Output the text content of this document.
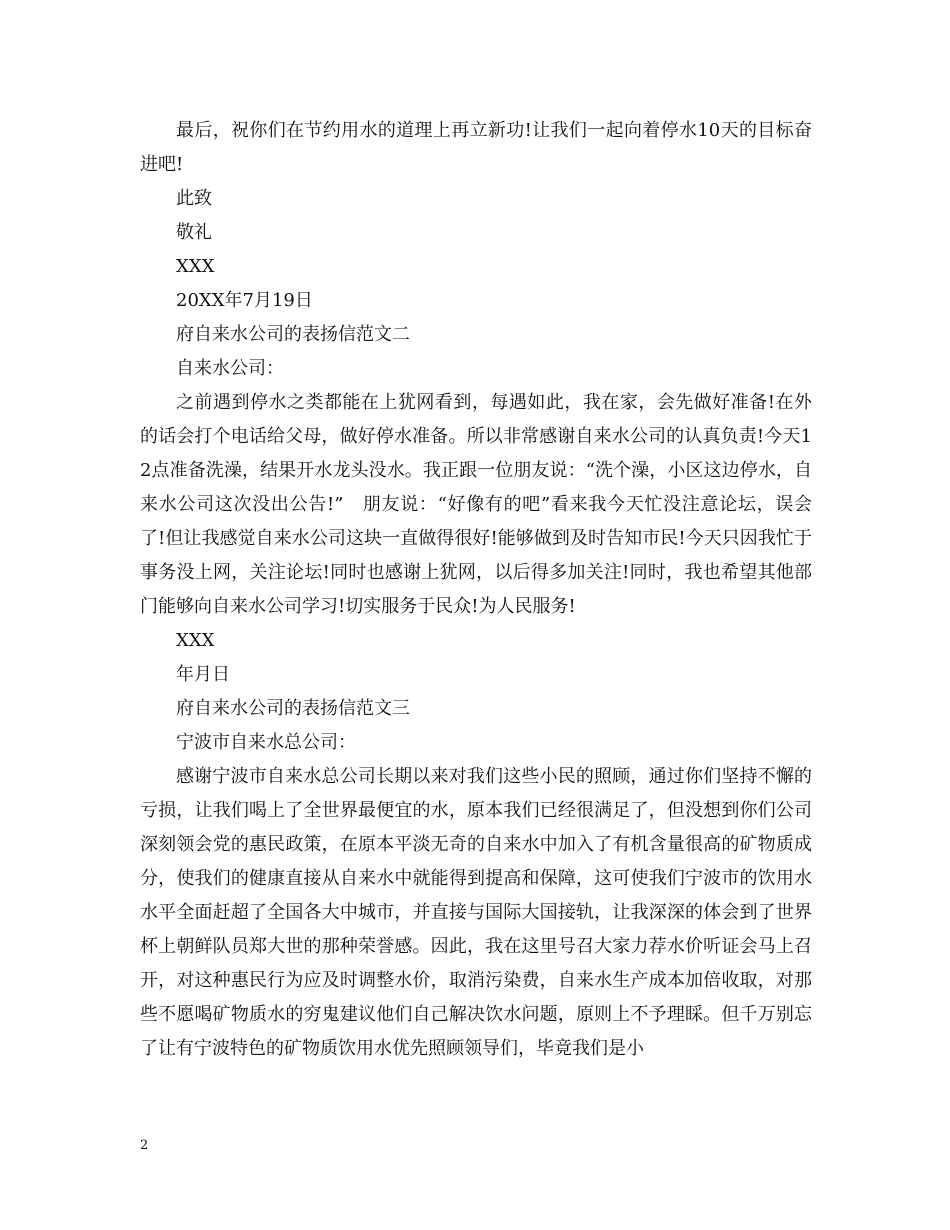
最后，祝你们在节约用水的道理上再立新功!让我们一起向着停水10天的目标奋进吧!

此致

敬礼

XXX

20XX年7月19日

府自来水公司的表扬信范文二

自来水公司：

之前遇到停水之类都能在上犹网看到，每遇如此，我在家，会先做好准备!在外的话会打个电话给父母，做好停水准备。所以非常感谢自来水公司的认真负责!今天12点准备洗澡，结果开水龙头没水。我正跟一位朋友说：“洗个澡，小区这边停水，自来水公司这次没出公告!”　朋友说：“好像有的吧”看来我今天忙没注意论坛，误会了!但让我感觉自来水公司这块一直做得很好!能够做到及时告知市民!今天只因我忙于事务没上网，关注论坛!同时也感谢上犹网，以后得多加关注!同时，我也希望其他部门能够向自来水公司学习!切实服务于民众!为人民服务!

XXX

年月日

府自来水公司的表扬信范文三

宁波市自来水总公司：

感谢宁波市自来水总公司长期以来对我们这些小民的照顾，通过你们坚持不懈的亏损，让我们喝上了全世界最便宜的水，原本我们已经很满足了，但没想到你们公司深刻领会党的惠民政策，在原本平淡无奇的自来水中加入了有机含量很高的矿物质成分，使我们的健康直接从自来水中就能得到提高和保障，这可使我们宁波市的饮用水水平全面赶超了全国各大中城市，并直接与国际大国接轨，让我深深的体会到了世界杯上朝鲜队员郑大世的那种荣誉感。因此，我在这里号召大家力荐水价听证会马上召开，对这种惠民行为应及时调整水价，取消污染费，自来水生产成本加倍收取，对那些不愿喝矿物质水的穷鬼建议他们自己解决饮水问题，原则上不予理睬。但千万别忘了让有宁波特色的矿物质饮用水优先照顾领导们，毕竟我们是小

2
